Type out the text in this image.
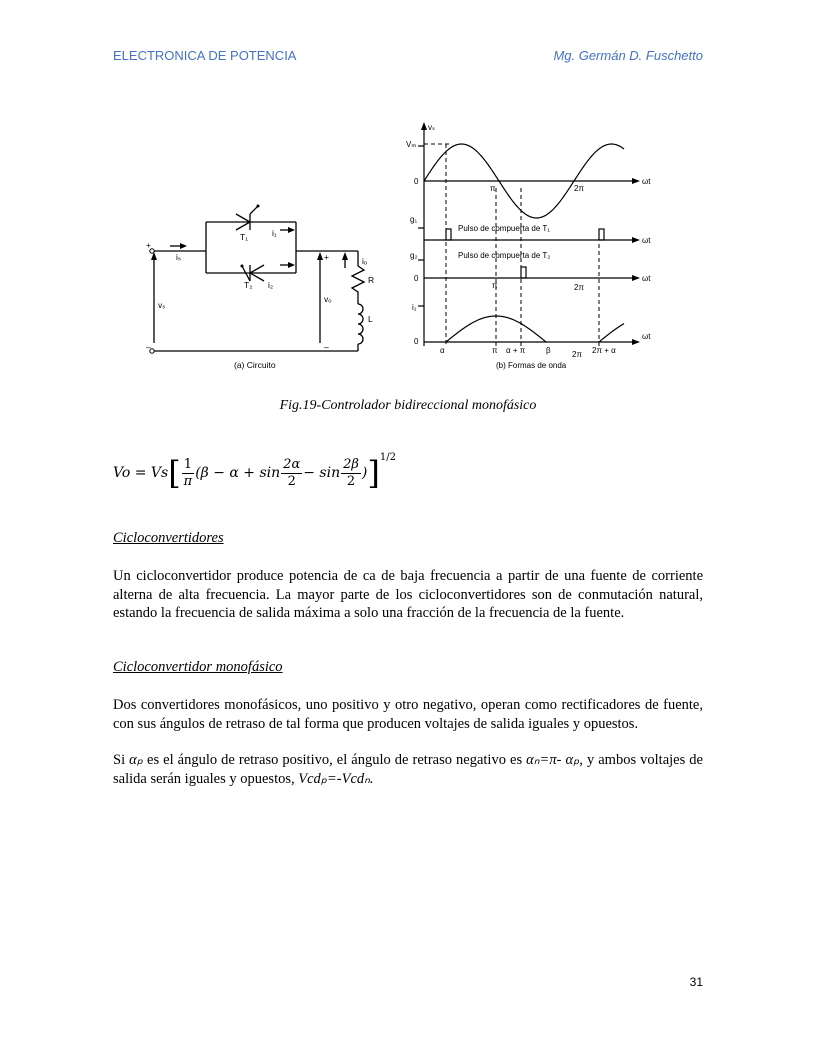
ELECTRONICA DE POTENCIA	Mg. Germán D. Fuschetto
iₛ
T₁	i₁
T₂ i₂
vₛ
vₒ
iₒ
R
L
+
–
+
–
(a) Circuito
vₛ
Vₘ
0
π	2π
ωt
g₁
Pulso de compuerta de T₁
ωt
g₂	Pulso de compuerta de T₂
0
π	2π
ωt
i₁
0
ωt
α	π α + π	β	2π 2π + α
(b) Formas de onda
Fig.19-Controlador bidireccional monofásico
Vo = Vs [ $\frac{1}{\pi} (\beta - \alpha + \sin \frac{2\alpha}{2} - \sin \frac{2\beta}{2}$ ) ] 1/2
Cicloconvertidores
Un cicloconvertidor produce potencia de ca de baja frecuencia a partir de una fuente de corriente alterna de alta frecuencia. La mayor parte de los cicloconvertidores son de conmutación natural, estando la frecuencia de salida máxima a solo una fracción de la frecuencia de la fuente.
Cicloconvertidor monofásico
Dos convertidores monofásicos, uno positivo y otro negativo, operan como rectificadores de fuente, con sus ángulos de retraso de tal forma que producen voltajes de salida iguales y opuestos.
Si αₚ es el ángulo de retraso positivo, el ángulo de retraso negativo es αₙ=π- αₚ, y ambos voltajes de salida serán iguales y opuestos, Vcdₚ=-Vcdₙ.
31
